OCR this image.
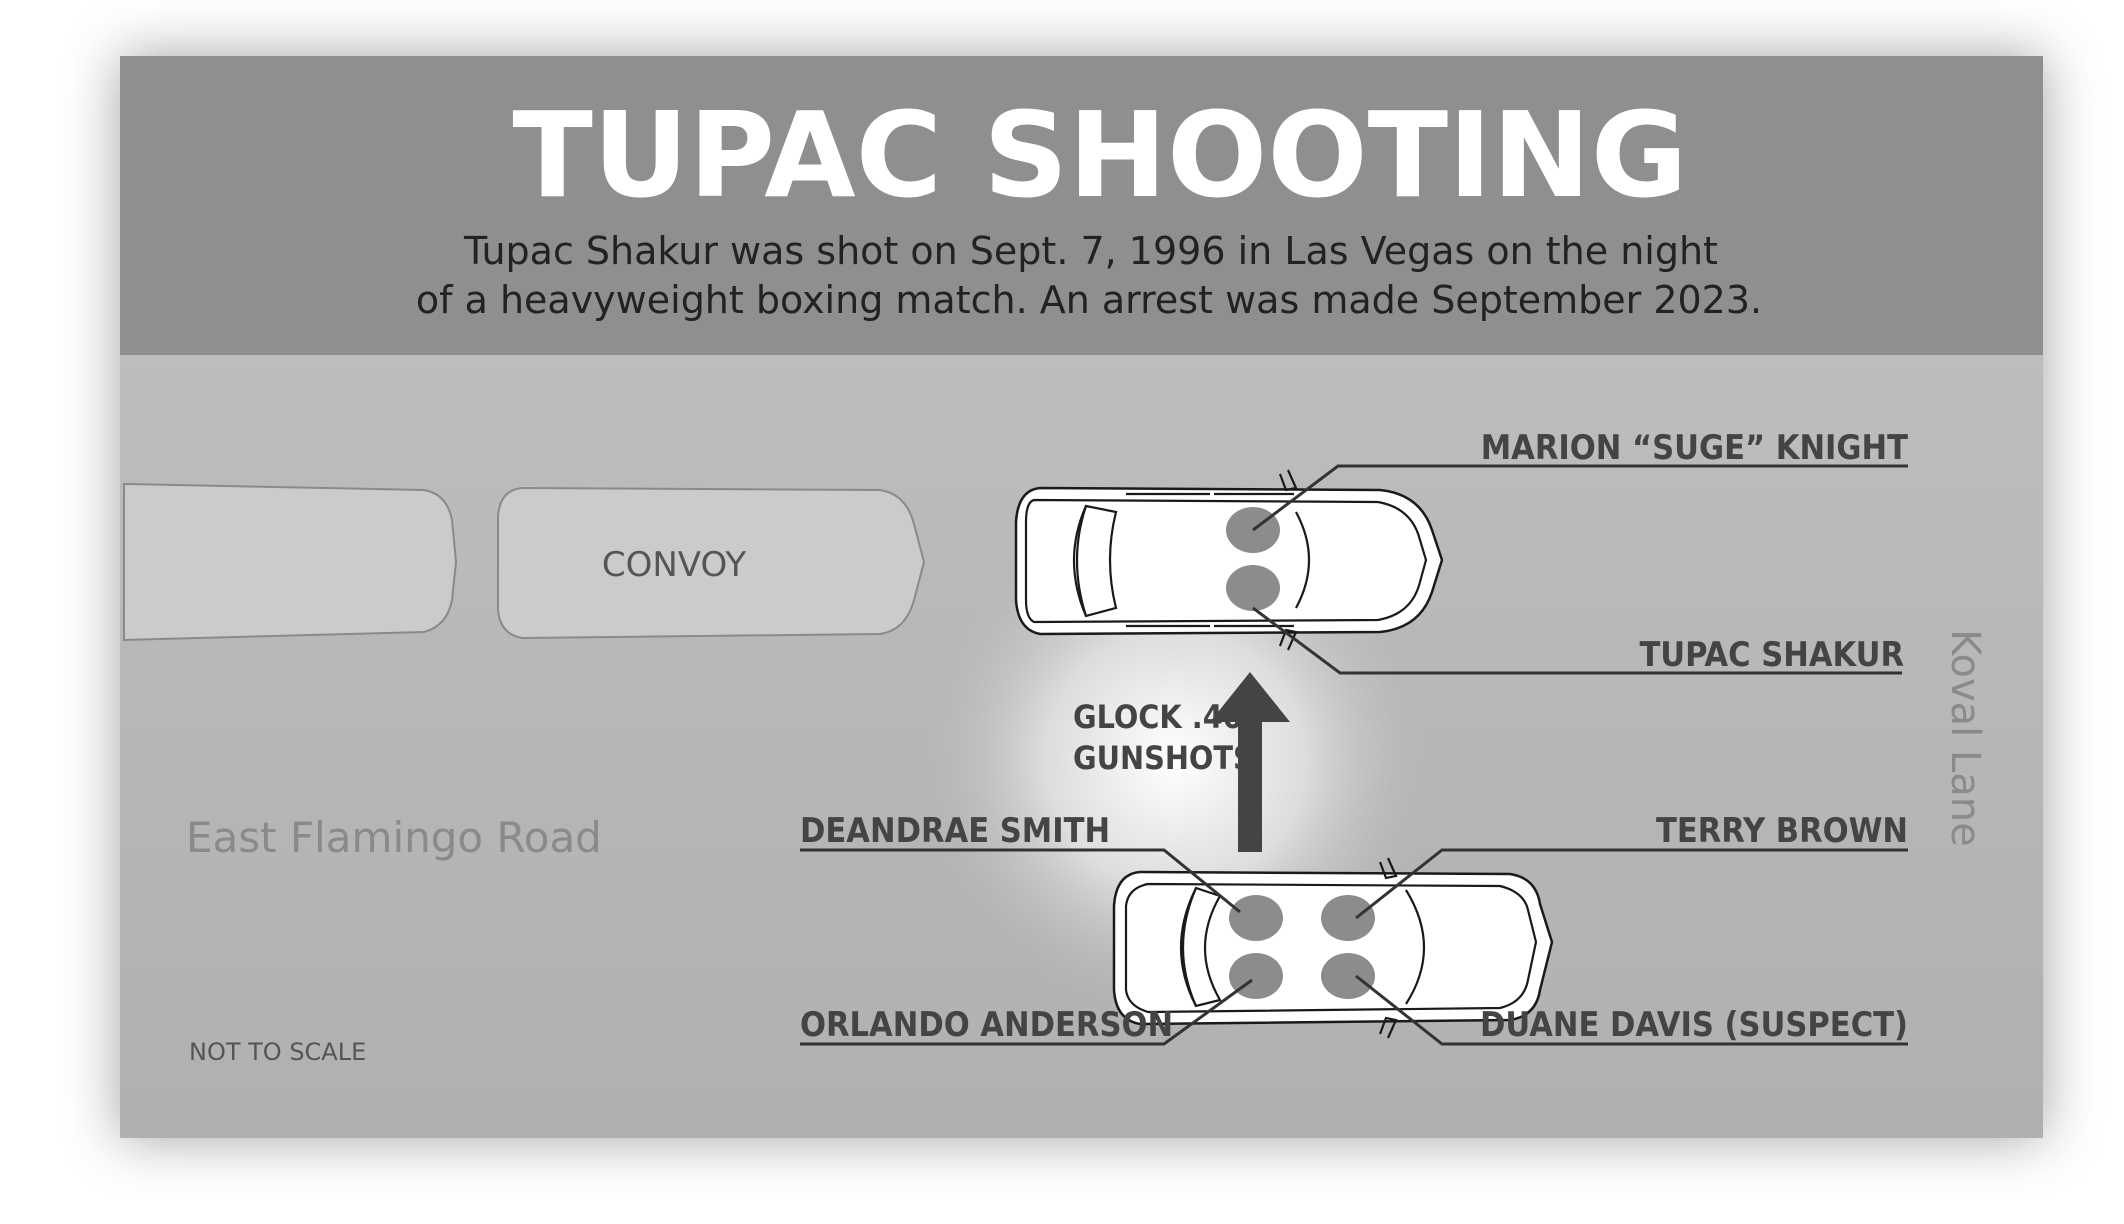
TUPAC SHOOTING
Tupac Shakur was shot on Sept. 7, 1996 in Las Vegas on the night
of a heavyweight boxing match. An arrest was made September 2023.
CONVOY
East Flamingo Road	Koval Lane
GLOCK .40
GUNSHOTS
MARION “SUGE” KNIGHT
TUPAC SHAKUR
DEANDRAE SMITH	TERRY BROWN
ORLANDO ANDERSON	DUANE DAVIS (SUSPECT)
NOT TO SCALE
